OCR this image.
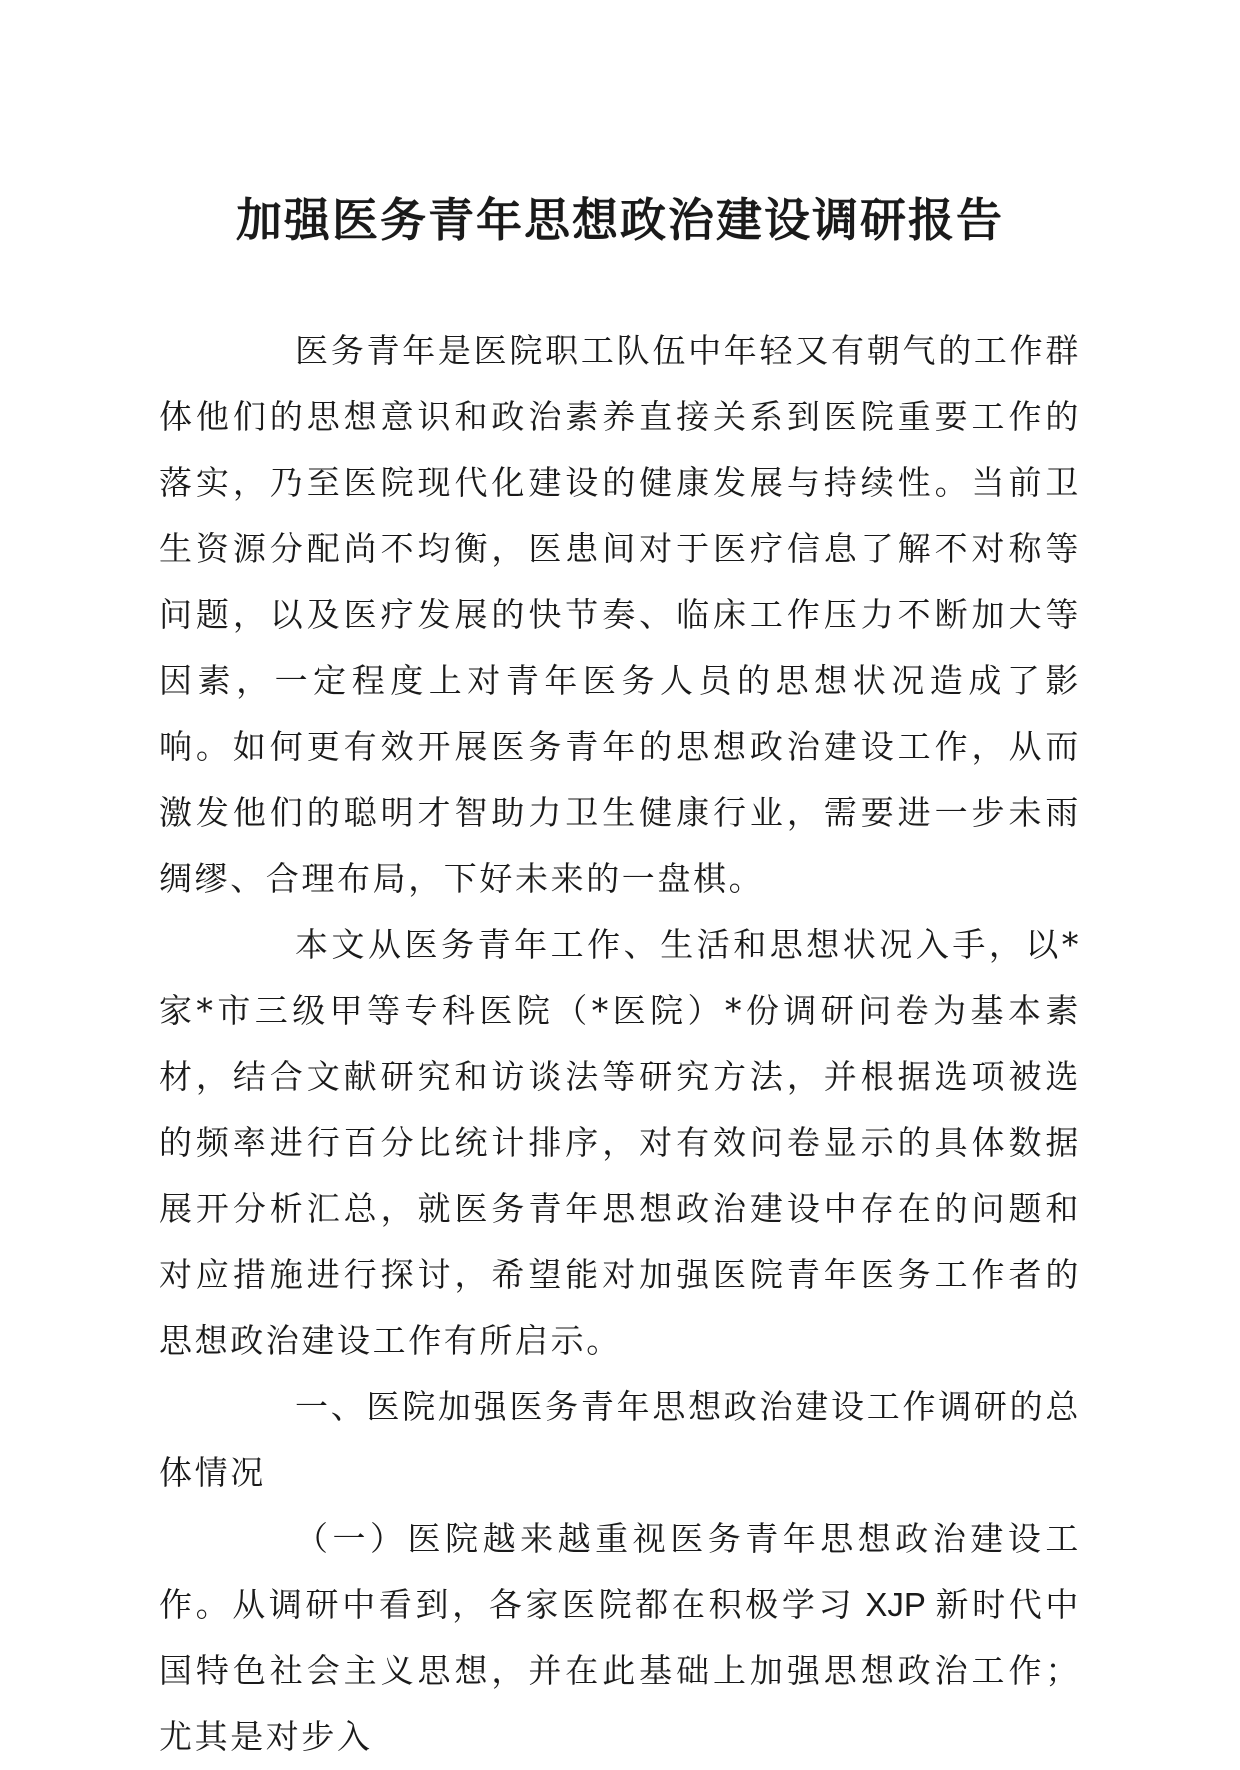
加强医务青年思想政治建设调研报告

医务青年是医院职工队伍中年轻又有朝气的工作群体他们的思想意识和政治素养直接关系到医院重要工作的落实，乃至医院现代化建设的健康发展与持续性。当前卫生资源分配尚不均衡，医患间对于医疗信息了解不对称等问题，以及医疗发展的快节奏、临床工作压力不断加大等因素，一定程度上对青年医务人员的思想状况造成了影响。如何更有效开展医务青年的思想政治建设工作，从而激发他们的聪明才智助力卫生健康行业，需要进一步未雨绸缪、合理布局，下好未来的一盘棋。

本文从医务青年工作、生活和思想状况入手，以*家*市三级甲等专科医院（*医院）*份调研问卷为基本素材，结合文献研究和访谈法等研究方法，并根据选项被选的频率进行百分比统计排序，对有效问卷显示的具体数据展开分析汇总，就医务青年思想政治建设中存在的问题和对应措施进行探讨，希望能对加强医院青年医务工作者的思想政治建设工作有所启示。

一、医院加强医务青年思想政治建设工作调研的总体情况

（一）医院越来越重视医务青年思想政治建设工作。从调研中看到，各家医院都在积极学习 XJP 新时代中国特色社会主义思想，并在此基础上加强思想政治工作；尤其是对步入
